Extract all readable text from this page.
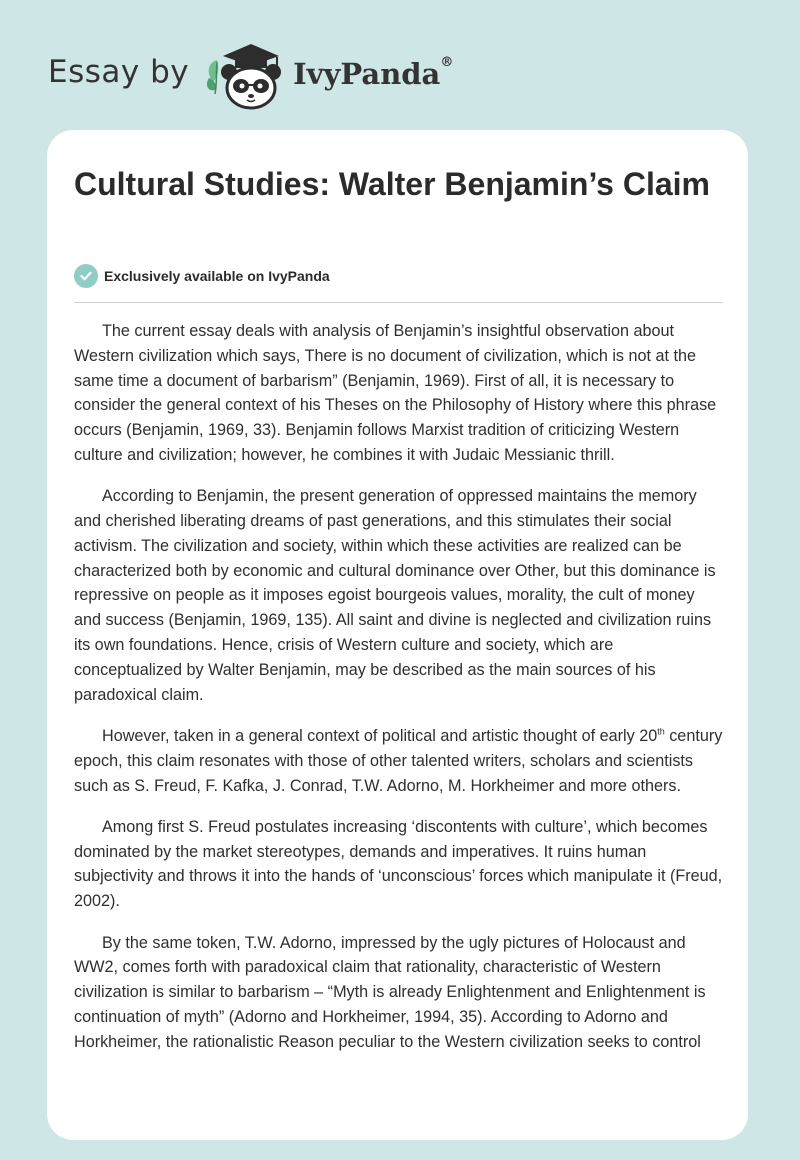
Essay by	IvyPanda®
Cultural Studies: Walter Benjamin’s Claim
Exclusively available on IvyPanda

The current essay deals with analysis of Benjamin’s insightful observation about Western civilization which says, There is no document of civilization, which is not at the same time a document of barbarism” (Benjamin, 1969). First of all, it is necessary to consider the general context of his Theses on the Philosophy of History where this phrase occurs (Benjamin, 1969, 33). Benjamin follows Marxist tradition of criticizing Western culture and civilization; however, he combines it with Judaic Messianic thrill.

According to Benjamin, the present generation of oppressed maintains the memory and cherished liberating dreams of past generations, and this stimulates their social activism. The civilization and society, within which these activities are realized can be characterized both by economic and cultural dominance over Other, but this dominance is repressive on people as it imposes egoist bourgeois values, morality, the cult of money and success (Benjamin, 1969, 135). All saint and divine is neglected and civilization ruins its own foundations. Hence, crisis of Western culture and society, which are conceptualized by Walter Benjamin, may be described as the main sources of his paradoxical claim.

However, taken in a general context of political and artistic thought of early 20th century epoch, this claim resonates with those of other talented writers, scholars and scientists such as S. Freud, F. Kafka, J. Conrad, T.W. Adorno, M. Horkheimer and more others.

Among first S. Freud postulates increasing ‘discontents with culture’, which becomes dominated by the market stereotypes, demands and imperatives. It ruins human subjectivity and throws it into the hands of ‘unconscious’ forces which manipulate it (Freud, 2002).

By the same token, T.W. Adorno, impressed by the ugly pictures of Holocaust and WW2, comes forth with paradoxical claim that rationality, characteristic of Western civilization is similar to barbarism – “Myth is already Enlightenment and Enlightenment is continuation of myth” (Adorno and Horkheimer, 1994, 35). According to Adorno and Horkheimer, the rationalistic Reason peculiar to the Western civilization seeks to control
